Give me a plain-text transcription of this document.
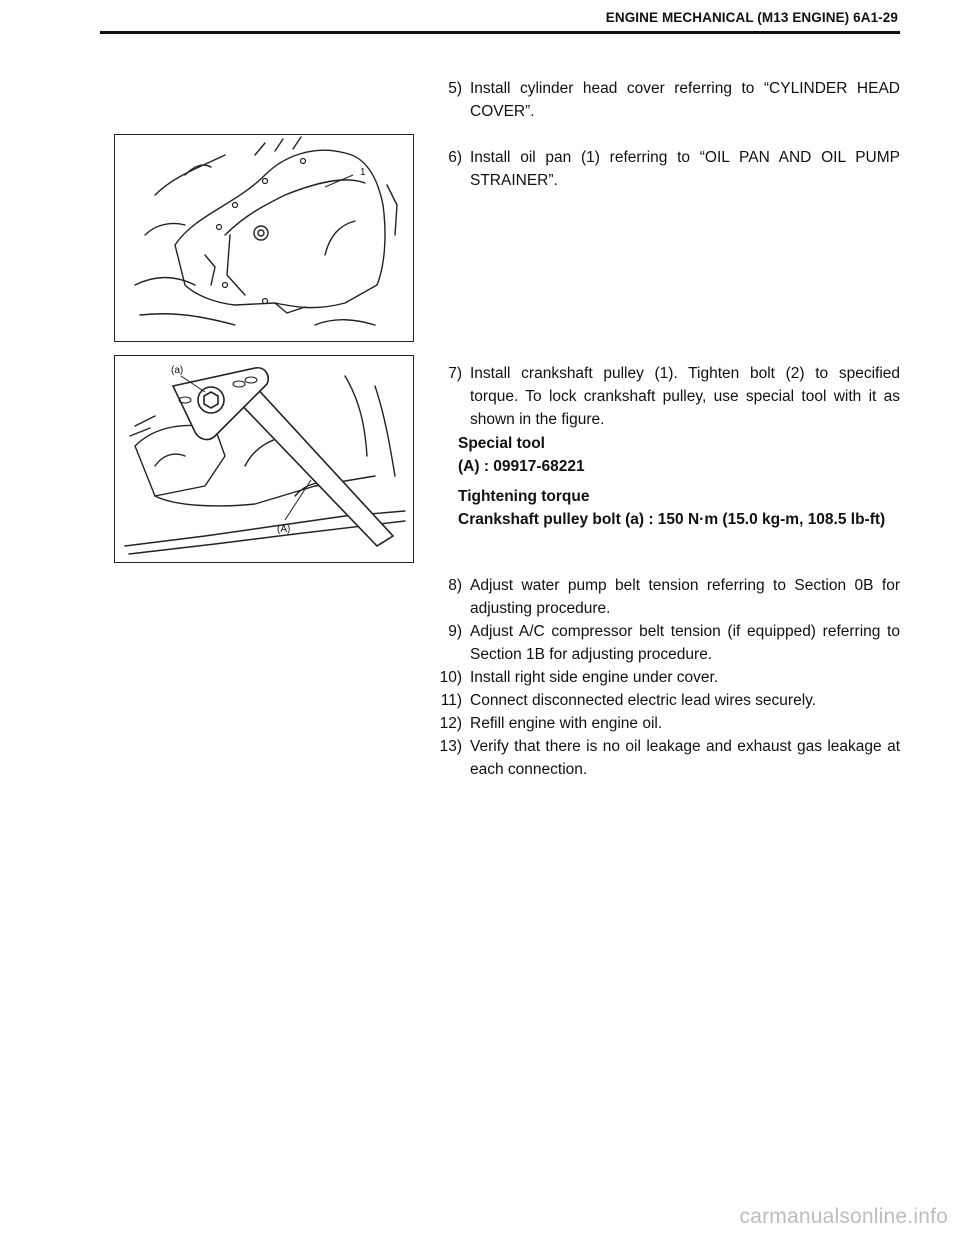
ENGINE MECHANICAL (M13 ENGINE) 6A1-29
5) Install cylinder head cover referring to “CYLINDER HEAD COVER”.
1
6) Install oil pan (1) referring to “OIL PAN AND OIL PUMP STRAINER”.
(a)
(A)
7) Install crankshaft pulley (1). Tighten bolt (2) to specified torque. To lock crankshaft pulley, use special tool with it as shown in the figure.
Special tool
(A) : 09917-68221
Tightening torque
Crankshaft pulley bolt (a) : 150 N·m (15.0 kg-m, 108.5 lb-ft)
8) Adjust water pump belt tension referring to Section 0B for adjusting procedure.
9) Adjust A/C compressor belt tension (if equipped) referring to Section 1B for adjusting procedure.
10) Install right side engine under cover.
11) Connect disconnected electric lead wires securely.
12) Refill engine with engine oil.
13) Verify that there is no oil leakage and exhaust gas leakage at each connection.
carmanualsonline.info
